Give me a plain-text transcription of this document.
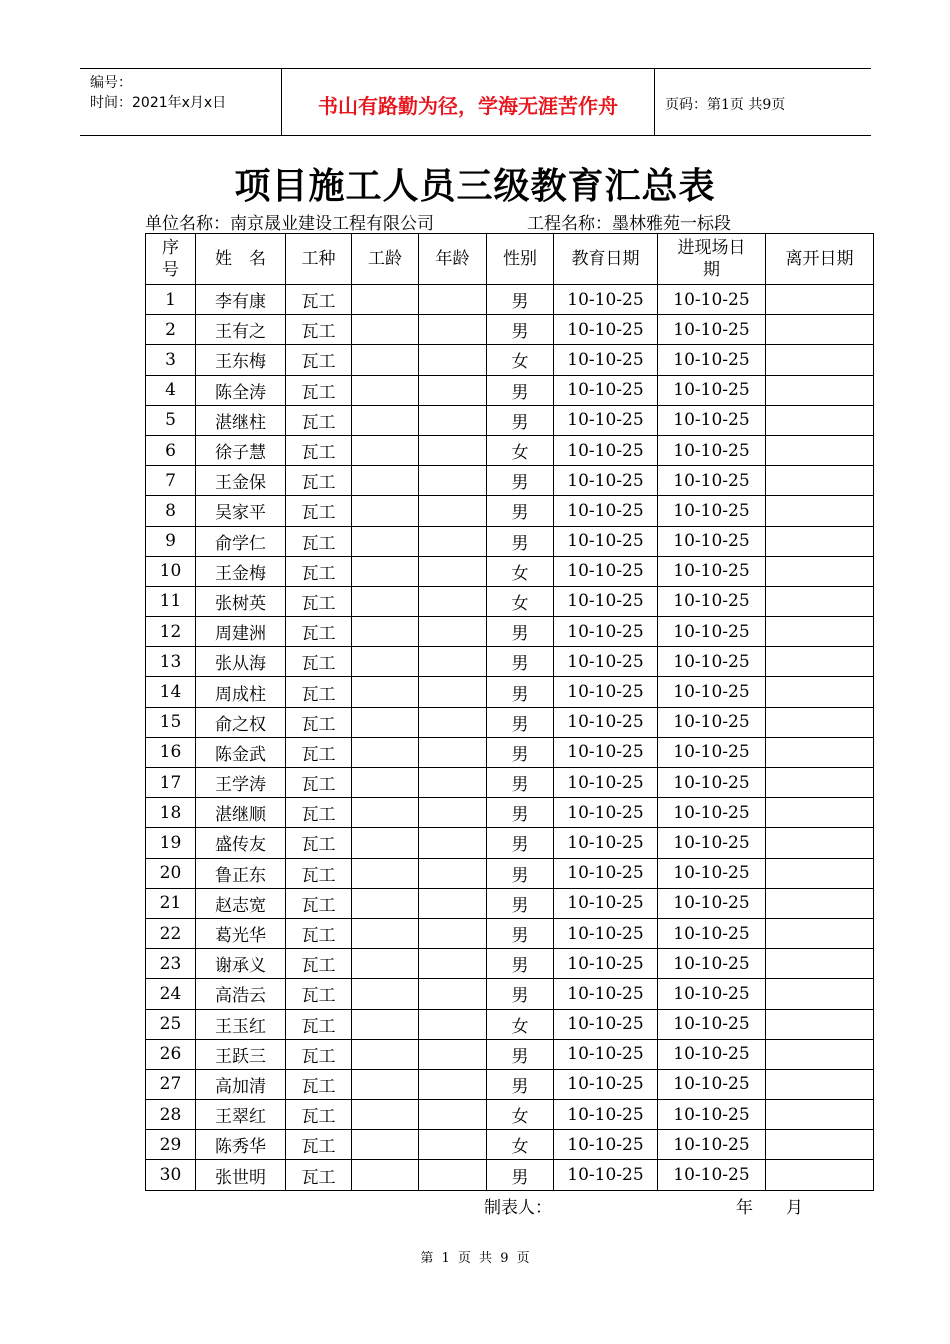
编号：
时间：2021年x月x日	书山有路勤为径，学海无涯苦作舟	页码：第1页 共9页
项目施工人员三级教育汇总表
单位名称：南京晟业建设工程有限公司	工程名称：墨林雅苑一标段
序号	姓　名	工种	工龄	年龄	性别	教育日期	进现场日期	离开日期
1	李有康	瓦工			男	10-10-25	10-10-25	
2	王有之	瓦工			男	10-10-25	10-10-25	
3	王东梅	瓦工			女	10-10-25	10-10-25	
4	陈全涛	瓦工			男	10-10-25	10-10-25	
5	湛继柱	瓦工			男	10-10-25	10-10-25	
6	徐子慧	瓦工			女	10-10-25	10-10-25	
7	王金保	瓦工			男	10-10-25	10-10-25	
8	吴家平	瓦工			男	10-10-25	10-10-25	
9	俞学仁	瓦工			男	10-10-25	10-10-25	
10	王金梅	瓦工			女	10-10-25	10-10-25	
11	张树英	瓦工			女	10-10-25	10-10-25	
12	周建洲	瓦工			男	10-10-25	10-10-25	
13	张从海	瓦工			男	10-10-25	10-10-25	
14	周成柱	瓦工			男	10-10-25	10-10-25	
15	俞之权	瓦工			男	10-10-25	10-10-25	
16	陈金武	瓦工			男	10-10-25	10-10-25	
17	王学涛	瓦工			男	10-10-25	10-10-25	
18	湛继顺	瓦工			男	10-10-25	10-10-25	
19	盛传友	瓦工			男	10-10-25	10-10-25	
20	鲁正东	瓦工			男	10-10-25	10-10-25	
21	赵志宽	瓦工			男	10-10-25	10-10-25	
22	葛光华	瓦工			男	10-10-25	10-10-25	
23	谢承义	瓦工			男	10-10-25	10-10-25	
24	高浩云	瓦工			男	10-10-25	10-10-25	
25	王玉红	瓦工			女	10-10-25	10-10-25	
26	王跃三	瓦工			男	10-10-25	10-10-25	
27	高加清	瓦工			男	10-10-25	10-10-25	
28	王翠红	瓦工			女	10-10-25	10-10-25	
29	陈秀华	瓦工			女	10-10-25	10-10-25	
30	张世明	瓦工			男	10-10-25	10-10-25	
制表人：	年 月
第 1 页 共 9 页
